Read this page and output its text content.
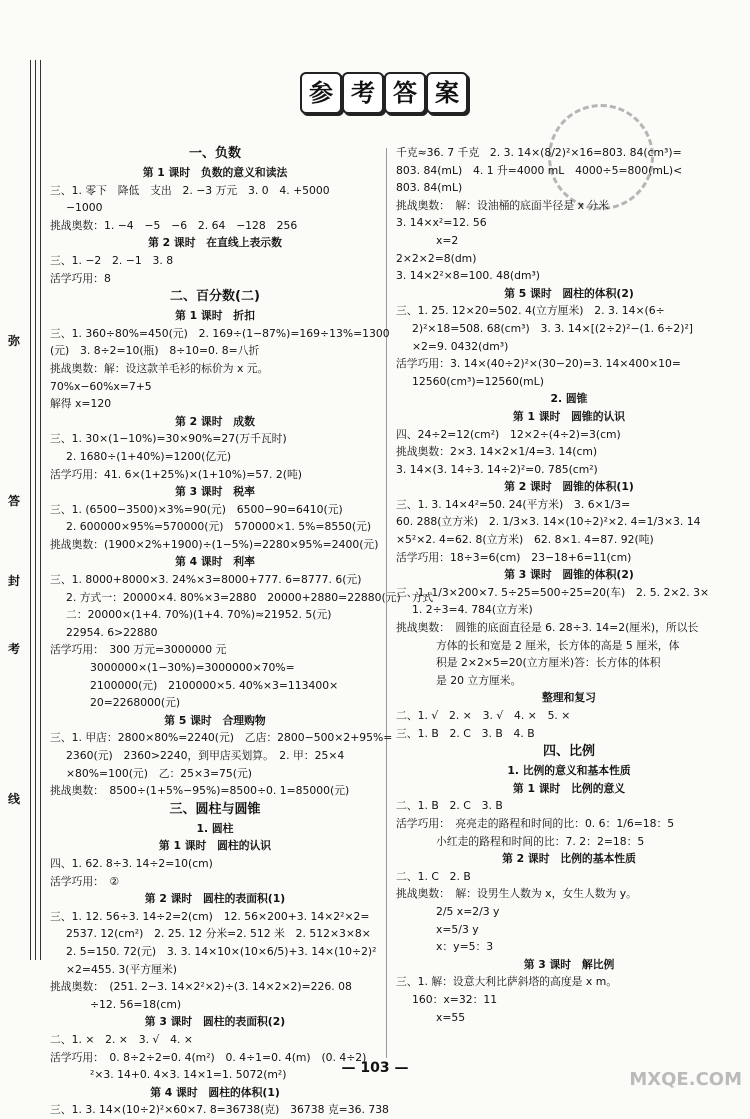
弥
答
封
考
线
参 考 答 案
一、负数
第 1 课时　负数的意义和读法
三、1. 零下　降低　支出　2. −3 万元　3. 0　4. +5000
−1000
挑战奥数：1. −4　−5　−6　2. 64　−128　256
第 2 课时　在直线上表示数
三、1. −2　2. −1　3. 8
活学巧用：8
二、百分数(二)
第 1 课时　折扣
三、1. 360÷80%=450(元)　2. 169÷(1−87%)=169÷13%=1300
(元)　3. 8÷2=10(瓶)　8÷10=0. 8=八折
挑战奥数：解：设这款羊毛衫的标价为 x 元。
70%x−60%x=7+5
解得 x=120
第 2 课时　成数
三、1. 30×(1−10%)=30×90%=27(万千瓦时)
2. 1680÷(1+40%)=1200(亿元)
活学巧用：41. 6×(1+25%)×(1+10%)=57. 2(吨)
第 3 课时　税率
三、1. (6500−3500)×3%=90(元)　6500−90=6410(元)
2. 600000×95%=570000(元)　570000×1. 5%=8550(元)
挑战奥数：(1900×2%+1900)÷(1−5%)=2280×95%=2400(元)
第 4 课时　利率
三、1. 8000+8000×3. 24%×3=8000+777. 6=8777. 6(元)
2. 方式一：20000×4. 80%×3=2880　20000+2880=22880(元)　方式
二：20000×(1+4. 70%)(1+4. 70%)≈21952. 5(元)
22954. 6>22880
活学巧用：　300 万元=3000000 元
3000000×(1−30%)=3000000×70%=
2100000(元)　2100000×5. 40%×3=113400×
20=2268000(元)
第 5 课时　合理购物
三、1. 甲店：2800×80%=2240(元)　乙店：2800−500×2+95%=
2360(元)　2360>2240，到甲店买划算。　2. 甲：25×4
×80%=100(元)　乙：25×3=75(元)
挑战奥数：　8500÷(1+5%−95%)=8500÷0. 1=85000(元)
三、圆柱与圆锥
1. 圆柱
第 1 课时　圆柱的认识
四、1. 62. 8÷3. 14÷2=10(cm)
活学巧用：　②
第 2 课时　圆柱的表面积(1)
三、1. 12. 56÷3. 14÷2=2(cm)　12. 56×200+3. 14×2²×2=
2537. 12(cm²)　2. 25. 12 分米=2. 512 米　2. 512×3×8×
2. 5=150. 72(元)　3. 3. 14×10×(10×6/5)+3. 14×(10÷2)²
×2=455. 3(平方厘米)
挑战奥数：　(251. 2−3. 14×2²×2)÷(3. 14×2×2)=226. 08
÷12. 56=18(cm)
第 3 课时　圆柱的表面积(2)
二、1. ×　2. ×　3. √　4. ×
活学巧用：　0. 8÷2÷2=0. 4(m²)　0. 4÷1=0. 4(m)　(0. 4÷2)
²×3. 14+0. 4×3. 14×1=1. 5072(m²)
第 4 课时　圆柱的体积(1)
三、1. 3. 14×(10÷2)²×60×7. 8=36738(克)　36738 克=36. 738
千克≈36. 7 千克　2. 3. 14×(8/2)²×16=803. 84(cm³)=
803. 84(mL)　4. 1 升=4000 mL　4000÷5=800(mL)<
803. 84(mL)
挑战奥数：　解：设油桶的底面半径是 x 分米
3. 14×x²=12. 56
x=2
2×2×2=8(dm)
3. 14×2²×8=100. 48(dm³)
第 5 课时　圆柱的体积(2)
三、1. 25. 12×20=502. 4(立方厘米)　2. 3. 14×(6÷
2)²×18=508. 68(cm³)　3. 3. 14×[(2÷2)²−(1. 6÷2)²]
×2=9. 0432(dm³)
活学巧用：3. 14×(40÷2)²×(30−20)=3. 14×400×10=
12560(cm³)=12560(mL)
2. 圆锥
第 1 课时　圆锥的认识
四、24÷2=12(cm²)　12×2÷(4÷2)=3(cm)
挑战奥数：2×3. 14×2×1/4=3. 14(cm)
3. 14×(3. 14÷3. 14÷2)²=0. 785(cm²)
第 2 课时　圆锥的体积(1)
三、1. 3. 14×4²=50. 24(平方米)　3. 6×1/3=
60. 288(立方米)　2. 1/3×3. 14×(10÷2)²×2. 4=1/3×3. 14
×5²×2. 4=62. 8(立方米)　62. 8×1. 4=87. 92(吨)
活学巧用：18÷3=6(cm)　23−18+6=11(cm)
第 3 课时　圆锥的体积(2)
三、1. 1/3×200×7. 5÷25=500÷25=20(车)　2. 5. 2×2. 3×
1. 2÷3=4. 784(立方米)
挑战奥数：　圆锥的底面直径是 6. 28÷3. 14=2(厘米)，所以长
方体的长和宽是 2 厘米，长方体的高是 5 厘米，体
积是 2×2×5=20(立方厘米)答：长方体的体积
是 20 立方厘米。
整理和复习
二、1. √　2. ×　3. √　4. ×　5. ×
三、1. B　2. C　3. B　4. B
四、比例
1. 比例的意义和基本性质
第 1 课时　比例的意义
二、1. B　2. C　3. B
活学巧用：　亮亮走的路程和时间的比：0. 6：1/6=18：5
小红走的路程和时间的比：7. 2：2=18：5
第 2 课时　比例的基本性质
二、1. C　2. B
挑战奥数：　解：设男生人数为 x，女生人数为 y。
2/5 x=2/3 y
x=5/3 y
x：y=5：3
第 3 课时　解比例
三、1. 解：设意大利比萨斜塔的高度是 x m。
160：x=32：11
x=55
— 103 —
MXQE.COM
